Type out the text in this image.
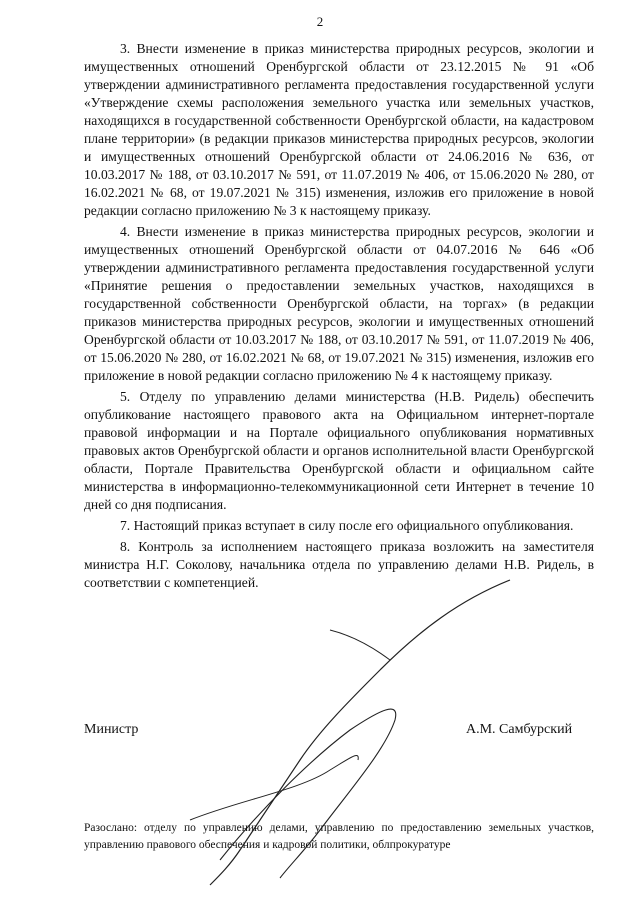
2

3. Внести изменение в приказ министерства природных ресурсов, экологии и имущественных отношений Оренбургской области от 23.12.2015 № 91 «Об утверждении административного регламента предоставления государственной услуги «Утверждение схемы расположения земельного участка или земельных участков, находящихся в государственной собственности Оренбургской области, на кадастровом плане территории» (в редакции приказов министерства природных ресурсов, экологии и имущественных отношений Оренбургской области от 24.06.2016 № 636, от 10.03.2017 № 188, от 03.10.2017 № 591, от 11.07.2019 № 406, от 15.06.2020 № 280, от 16.02.2021 № 68, от 19.07.2021 № 315) изменения, изложив его приложение в новой редакции согласно приложению № 3 к настоящему приказу.

4. Внести изменение в приказ министерства природных ресурсов, экологии и имущественных отношений Оренбургской области от 04.07.2016 № 646 «Об утверждении административного регламента предоставления государственной услуги «Принятие решения о предоставлении земельных участков, находящихся в государственной собственности Оренбургской области, на торгах» (в редакции приказов министерства природных ресурсов, экологии и имущественных отношений Оренбургской области от 10.03.2017 № 188, от 03.10.2017 № 591, от 11.07.2019 № 406, от 15.06.2020 № 280, от 16.02.2021 № 68, от 19.07.2021 № 315) изменения, изложив его приложение в новой редакции согласно приложению № 4 к настоящему приказу.

5. Отделу по управлению делами министерства (Н.В. Ридель) обеспечить опубликование настоящего правового акта на Официальном интернет-портале правовой информации и на Портале официального опубликования нормативных правовых актов Оренбургской области и органов исполнительной власти Оренбургской области, Портале Правительства Оренбургской области и официальном сайте министерства в информационно-телекоммуникационной сети Интернет в течение 10 дней со дня подписания.

7. Настоящий приказ вступает в силу после его официального опубликования.

8. Контроль за исполнением настоящего приказа возложить на заместителя министра Н.Г. Соколову, начальника отдела по управлению делами Н.В. Ридель, в соответствии с компетенцией.

Министр	А.М. Самбурский
Разослано: отделу по управлению делами, управлению по предоставлению земельных участков, управлению правового обеспечения и кадровой политики, облпрокуратуре
